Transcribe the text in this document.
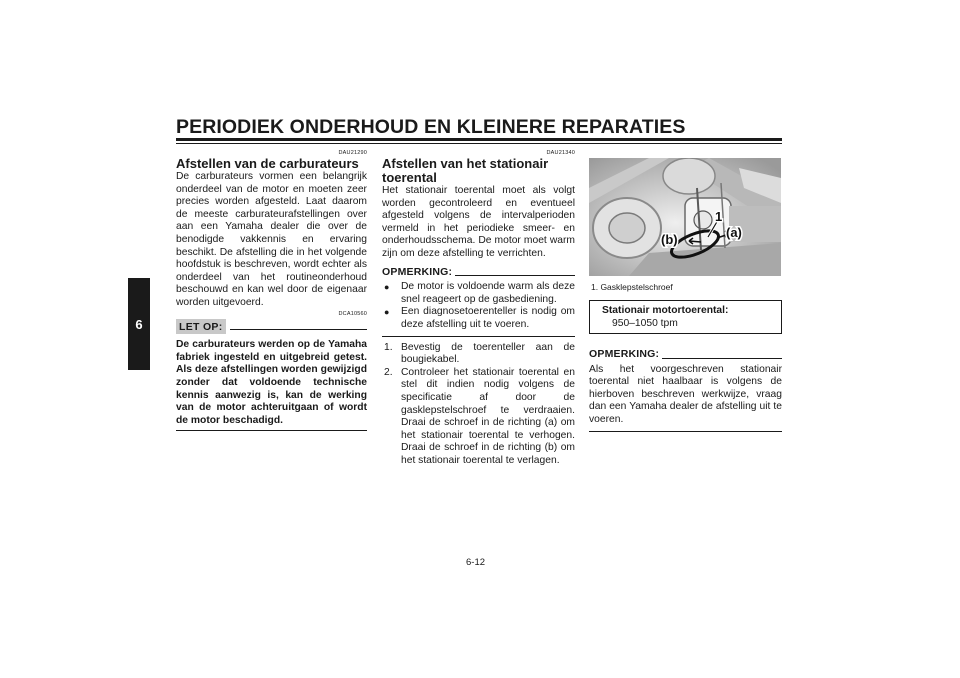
PERIODIEK ONDERHOUD EN KLEINERE REPARATIES
6
DAU21290
Afstellen van de carburateurs
De carburateurs vormen een belangrijk onderdeel van de motor en moeten zeer precies worden afgesteld. Laat daarom de meeste carburateurafstellingen over aan een Yamaha dealer die over de benodigde vakkennis en ervaring beschikt. De afstelling die in het volgende hoofdstuk is beschreven, wordt echter als onderdeel van het routineonderhoud beschouwd en kan wel door de eigenaar worden uitgevoerd.
DCA10560
LET OP:
De carburateurs werden op de Yamaha fabriek ingesteld en uitgebreid getest. Als deze afstellingen worden gewijzigd zonder dat voldoende technische kennis aanwezig is, kan de werking van de motor achteruitgaan of wordt de motor beschadigd.
DAU21340
Afstellen van het stationair
toerental
Het stationair toerental moet als volgt worden gecontroleerd en eventueel afgesteld volgens de intervalperioden vermeld in het periodieke smeer- en onderhoudsschema. De motor moet warm zijn om deze afstelling te verrichten.
OPMERKING:
●	De motor is voldoende warm als deze snel reageert op de gasbediening.
●	Een diagnosetoerenteller is nodig om deze afstelling uit te voeren.
1. Bevestig de toerenteller aan de bougiekabel.
2. Controleer het stationair toerental en stel dit indien nodig volgens de specificatie af door de gasklepstelschroef te verdraaien. Draai de schroef in de richting (a) om het stationair toerental te verhogen. Draai de schroef in de richting (b) om het stationair toerental te verlagen.
(b)	(a)
1
1. Gasklepstelschroef
Stationair motortoerental:
950–1050 tpm
OPMERKING:
Als het voorgeschreven stationair toerental niet haalbaar is volgens de hierboven beschreven werkwijze, vraag dan een Yamaha dealer de afstelling uit te voeren.
6-12
